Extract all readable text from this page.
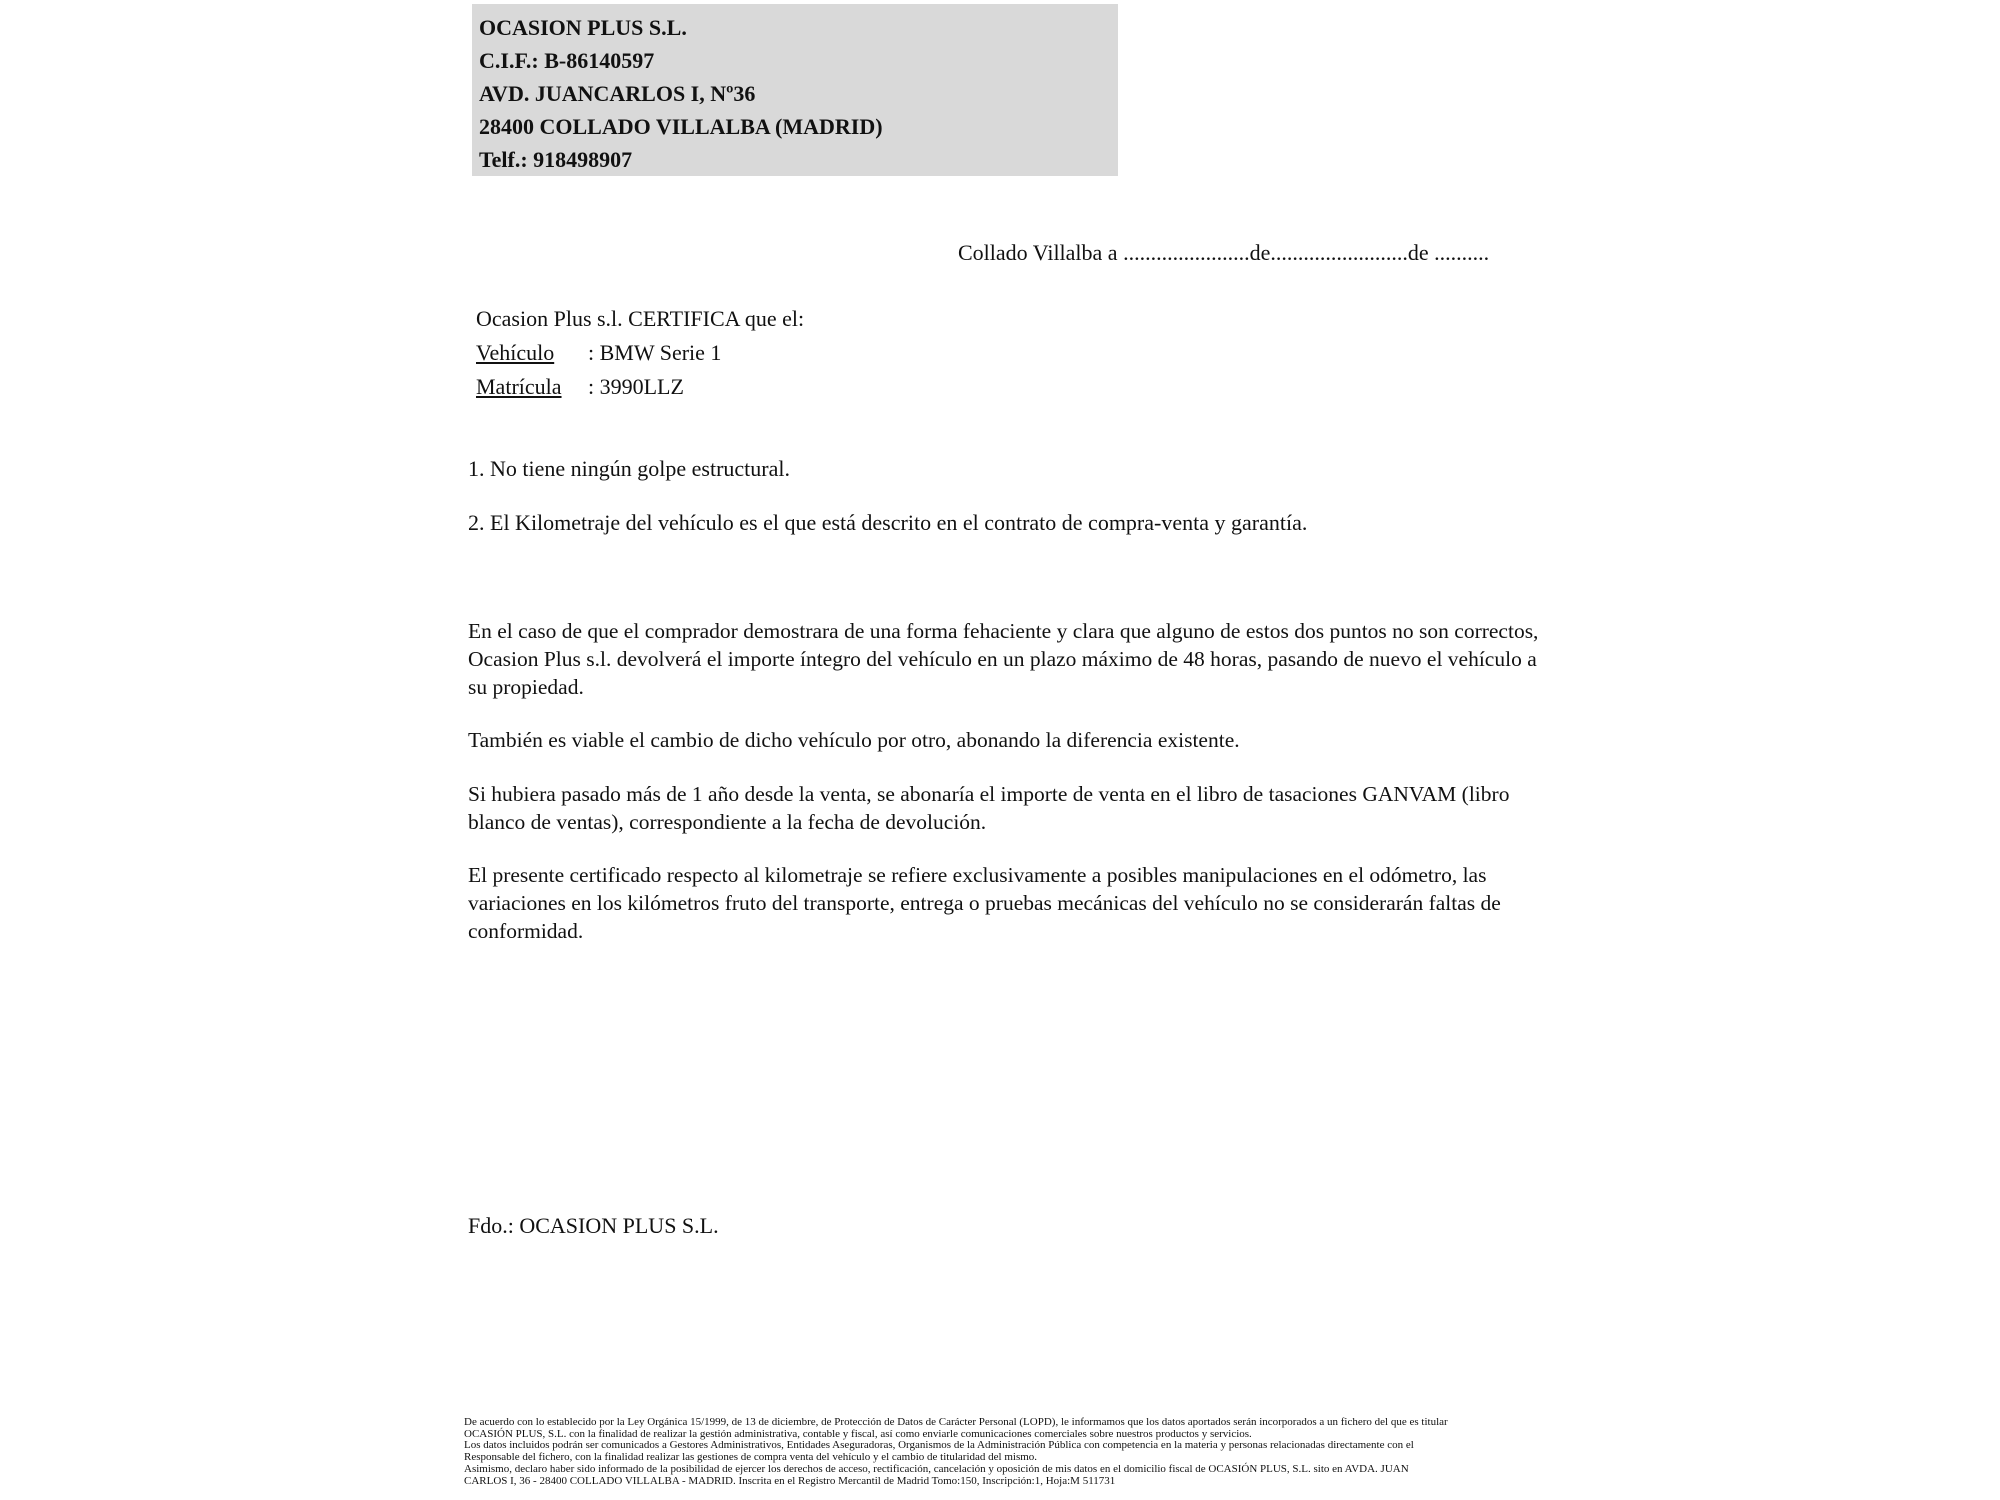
OCASION PLUS S.L.
C.I.F.: B-86140597
AVD. JUANCARLOS I, Nº36
28400 COLLADO VILLALBA (MADRID)
Telf.: 918498907
Collado Villalba a .......................de.........................de ..........
Ocasion Plus s.l. CERTIFICA que el:
Vehículo : BMW Serie 1
Matrícula : 3990LLZ
1. No tiene ningún golpe estructural.
2. El Kilometraje del vehículo es el que está descrito en el contrato de compra-venta y garantía.

En el caso de que el comprador demostrara de una forma fehaciente y clara que alguno de estos dos puntos no son correctos, Ocasion Plus s.l. devolverá el importe íntegro del vehículo en un plazo máximo de 48 horas, pasando de nuevo el vehículo a su propiedad.

También es viable el cambio de dicho vehículo por otro, abonando la diferencia existente.

Si hubiera pasado más de 1 año desde la venta, se abonaría el importe de venta en el libro de tasaciones GANVAM (libro blanco de ventas), correspondiente a la fecha de devolución.

El presente certificado respecto al kilometraje se refiere exclusivamente a posibles manipulaciones en el odómetro, las variaciones en los kilómetros fruto del transporte, entrega o pruebas mecánicas del vehículo no se considerarán faltas de conformidad.

Fdo.: OCASION PLUS S.L.
De acuerdo con lo establecido por la Ley Orgánica 15/1999, de 13 de diciembre, de Protección de Datos de Carácter Personal (LOPD), le informamos que los datos aportados serán incorporados a un fichero del que es titular
OCASIÓN PLUS, S.L. con la finalidad de realizar la gestión administrativa, contable y fiscal, así como enviarle comunicaciones comerciales sobre nuestros productos y servicios.
Los datos incluidos podrán ser comunicados a Gestores Administrativos, Entidades Aseguradoras, Organismos de la Administración Pública con competencia en la materia y personas relacionadas directamente con el
Responsable del fichero, con la finalidad realizar las gestiones de compra venta del vehículo y el cambio de titularidad del mismo.
Asimismo, declaro haber sido informado de la posibilidad de ejercer los derechos de acceso, rectificación, cancelación y oposición de mis datos en el domicilio fiscal de OCASIÓN PLUS, S.L. sito en AVDA. JUAN
CARLOS I, 36 - 28400 COLLADO VILLALBA - MADRID. Inscrita en el Registro Mercantil de Madrid Tomo:150, Inscripción:1, Hoja:M 511731
